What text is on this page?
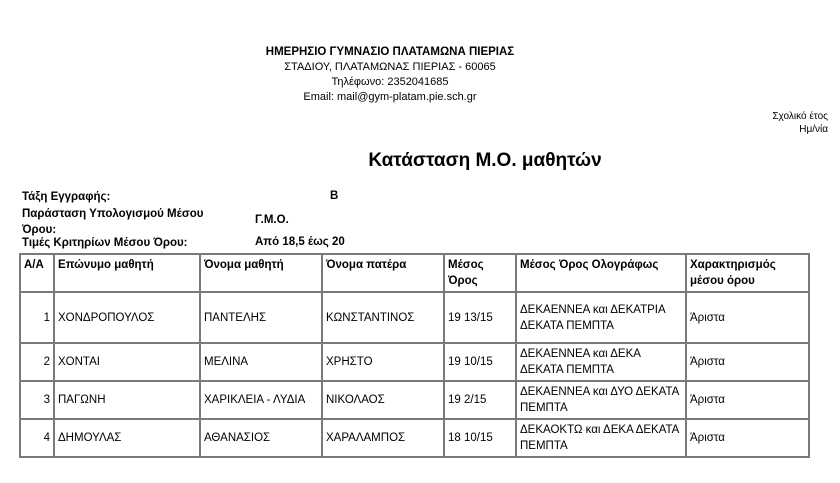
ΗΜΕΡΗΣΙΟ ΓΥΜΝΑΣΙΟ ΠΛΑΤΑΜΩΝΑ ΠΙΕΡΙΑΣ
ΣΤΑΔΙΟΥ, ΠΛΑΤΑΜΩΝΑΣ ΠΙΕΡΙΑΣ - 60065
Τηλέφωνο: 2352041685
Email: mail@gym-platam.pie.sch.gr
Σχολικό έτος
Ημ/νία
Κατάσταση Μ.Ο. μαθητών
Τάξη Εγγραφής:	Β
Παράσταση Υπολογισμού Μέσου
Όρου:
Γ.Μ.Ο.
Τιμές Κριτηρίων Μέσου Όρου:	Από 18,5 έως 20
Α/Α	Επώνυμο μαθητή	Όνομα μαθητή	Όνομα πατέρα	Μέσος Όρος	Μέσος Όρος Ολογράφως	Χαρακτηρισμός μέσου όρου
1	ΧΟΝΔΡΟΠΟΥΛΟΣ	ΠΑΝΤΕΛΗΣ	ΚΩΝΣΤΑΝΤΙΝΟΣ	19 13/15	ΔΕΚΑΕΝΝΕΑ και ΔΕΚΑΤΡΙΑ ΔΕΚΑΤΑ ΠΕΜΠΤΑ	Άριστα
2	ΧΟΝΤΑΙ	ΜΕΛΙΝΑ	ΧΡΗΣΤΟ	19 10/15	ΔΕΚΑΕΝΝΕΑ και ΔΕΚΑ ΔΕΚΑΤΑ ΠΕΜΠΤΑ	Άριστα
3	ΠΑΓΩΝΗ	ΧΑΡΙΚΛΕΙΑ - ΛΥΔΙΑ	ΝΙΚΟΛΑΟΣ	19 2/15	ΔΕΚΑΕΝΝΕΑ και ΔΥΟ ΔΕΚΑΤΑ ΠΕΜΠΤΑ	Άριστα
4	ΔΗΜΟΥΛΑΣ	ΑΘΑΝΑΣΙΟΣ	ΧΑΡΑΛΑΜΠΟΣ	18 10/15	ΔΕΚΑΟΚΤΩ και ΔΕΚΑ ΔΕΚΑΤΑ ΠΕΜΠΤΑ	Άριστα
